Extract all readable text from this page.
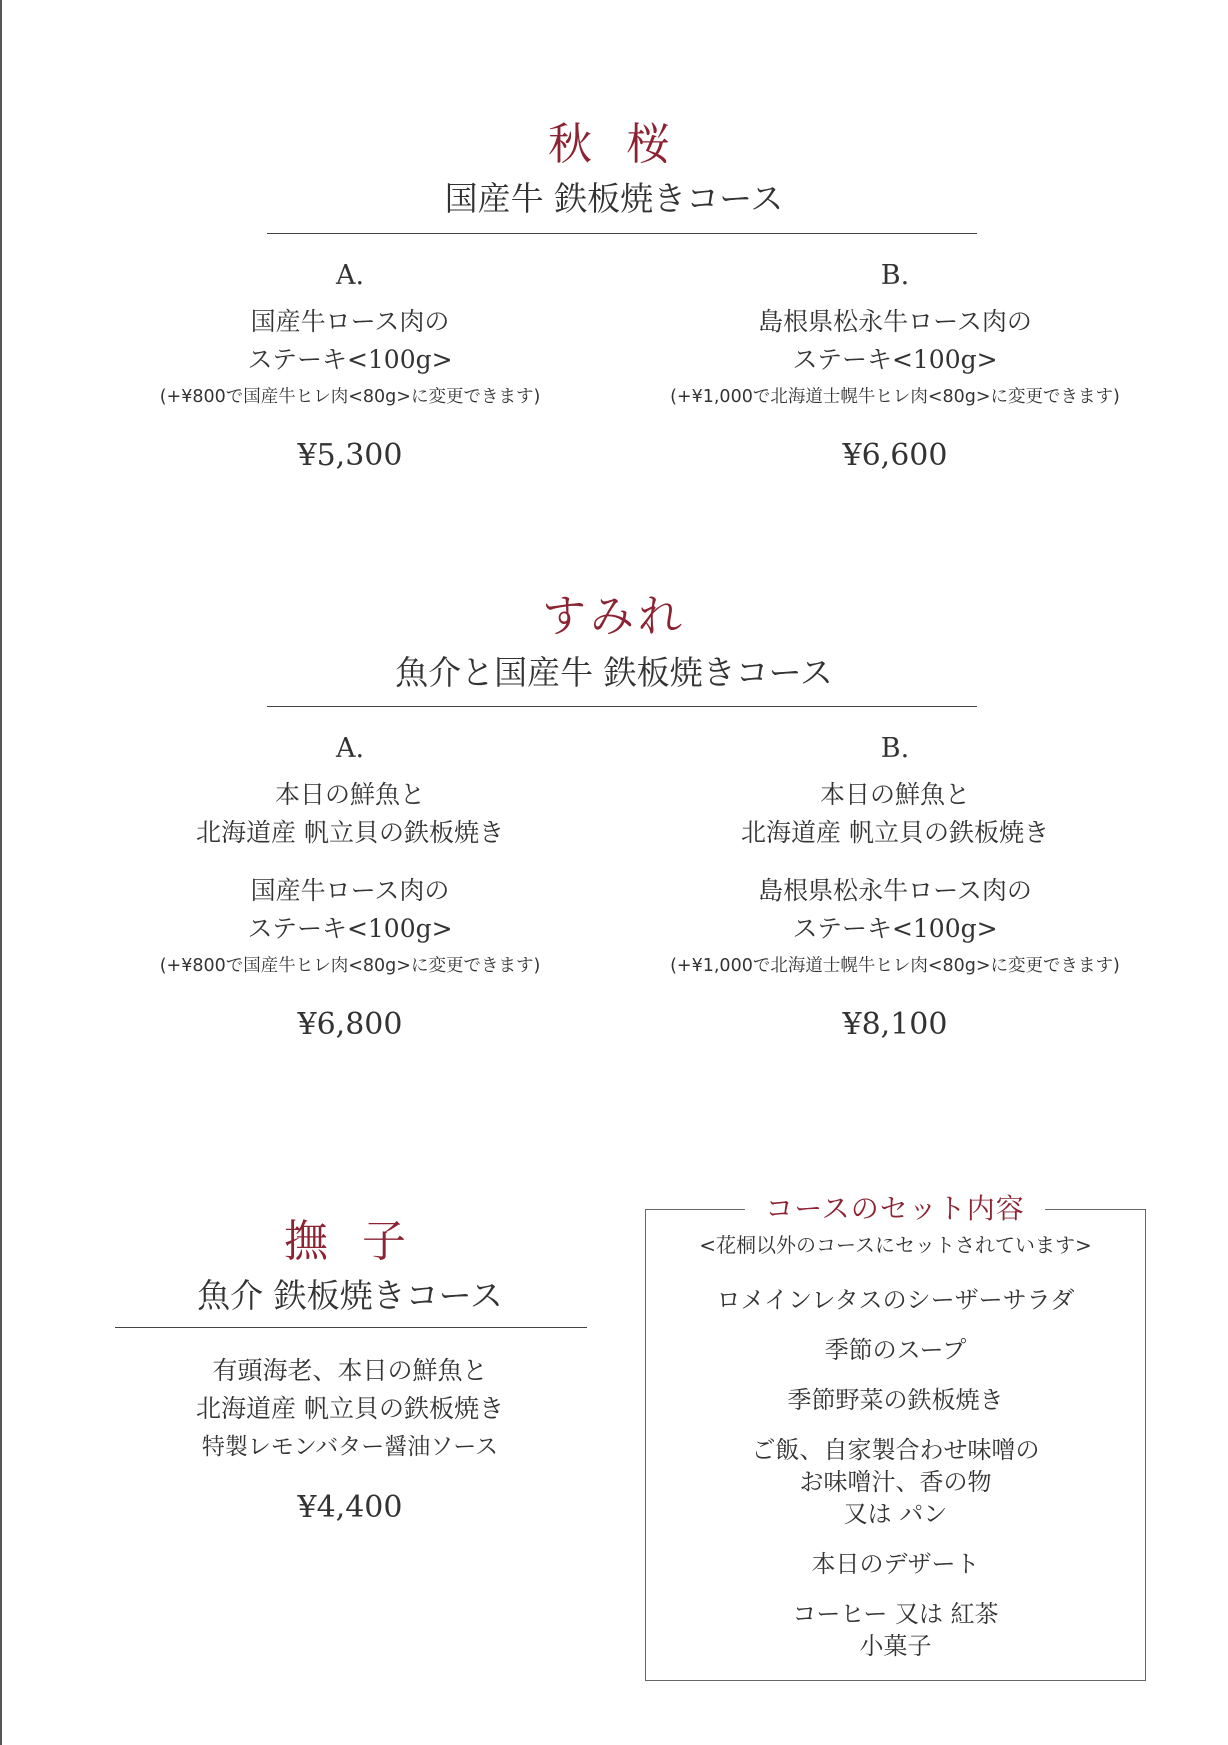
秋 桜
国産牛 鉄板焼きコース
A.
国産牛ロース肉の
ステーキ<100g>
(+¥800で国産牛ヒレ肉<80g>に変更できます)
¥5,300
B.
島根県松永牛ロース肉の
ステーキ<100g>
(+¥1,000で北海道士幌牛ヒレ肉<80g>に変更できます)
¥6,600
すみれ
魚介と国産牛 鉄板焼きコース
A.
本日の鮮魚と
北海道産 帆立貝の鉄板焼き
国産牛ロース肉の
ステーキ<100g>
(+¥800で国産牛ヒレ肉<80g>に変更できます)
¥6,800
B.
本日の鮮魚と
北海道産 帆立貝の鉄板焼き
島根県松永牛ロース肉の
ステーキ<100g>
(+¥1,000で北海道士幌牛ヒレ肉<80g>に変更できます)
¥8,100
撫 子
魚介 鉄板焼きコース
有頭海老、本日の鮮魚と
北海道産 帆立貝の鉄板焼き
特製レモンバター醤油ソース
¥4,400
コースのセット内容
<花桐以外のコースにセットされています>
ロメインレタスのシーザーサラダ
季節のスープ
季節野菜の鉄板焼き
ご飯、自家製合わせ味噌の
お味噌汁、香の物
又は パン
本日のデザート
コーヒー 又は 紅茶
小菓子
